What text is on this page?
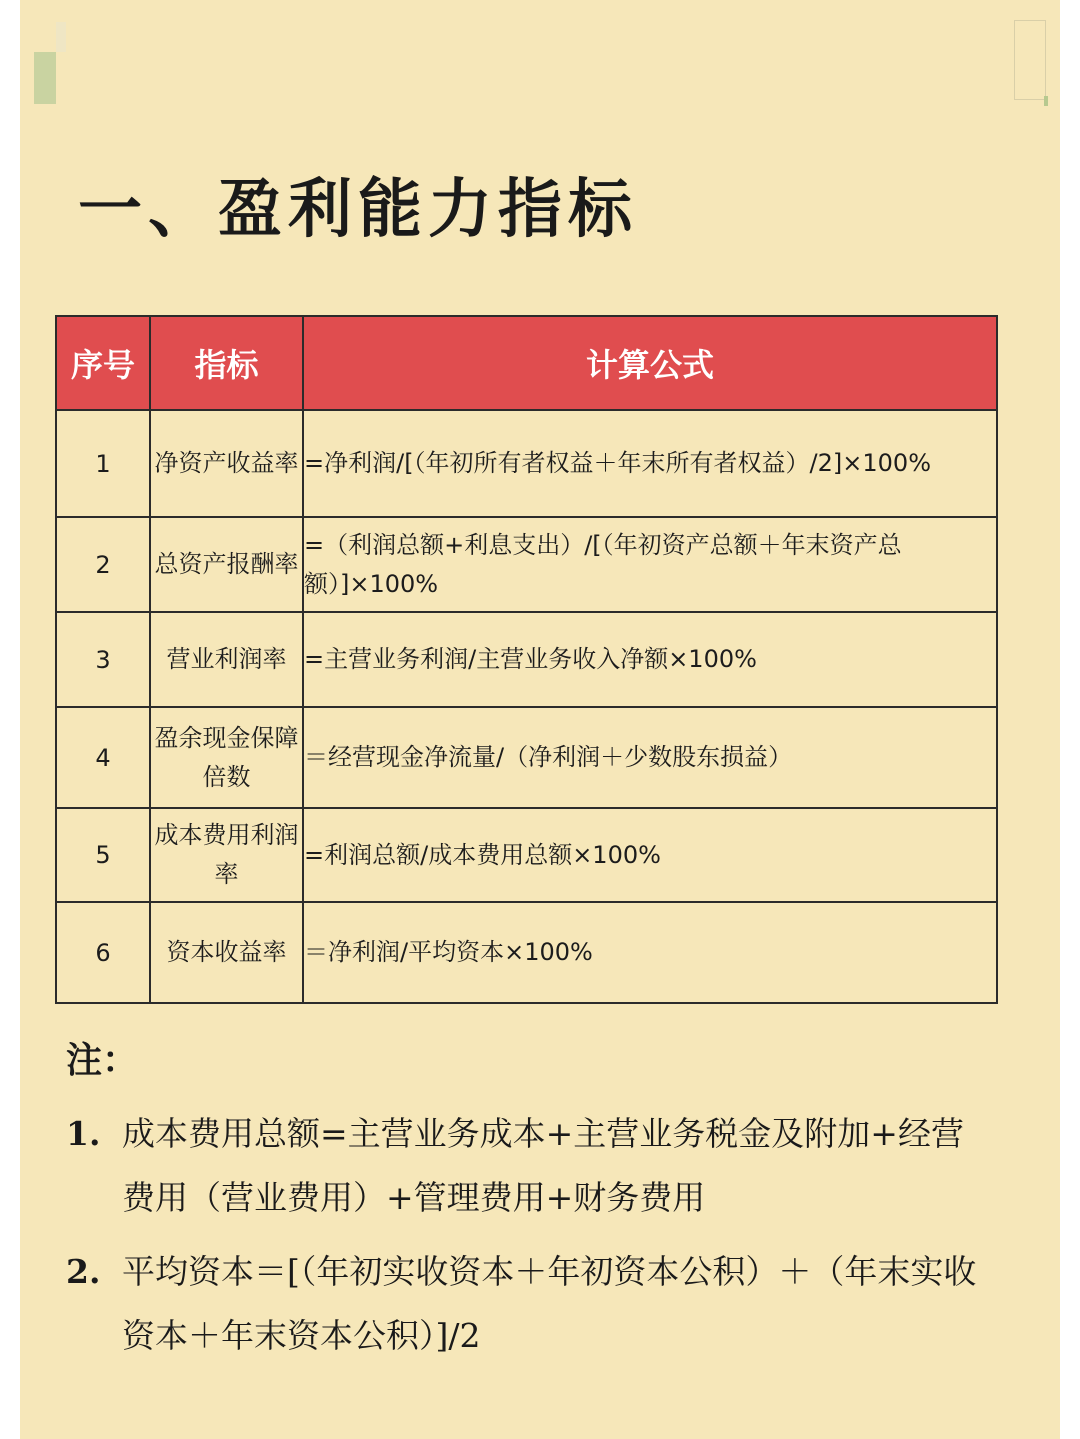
一、盈利能力指标
序号	指标	计算公式
1	净资产收益率	=净利润/[（年初所有者权益＋年末所有者权益）/2]×100%
2	总资产报酬率	=（利润总额+利息支出）/[（年初资产总额＋年末资产总额）]×100%
3	营业利润率	=主营业务利润/主营业务收入净额×100%
4	盈余现金保障倍数	＝经营现金净流量/（净利润＋少数股东损益）
5	成本费用利润率	=利润总额/成本费用总额×100%
6	资本收益率	＝净利润/平均资本×100%
注：
1. 成本费用总额=主营业务成本+主营业务税金及附加+经营费用（营业费用）+管理费用+财务费用
2. 平均资本＝[（年初实收资本＋年初资本公积）＋（年末实收资本＋年末资本公积）]/2
